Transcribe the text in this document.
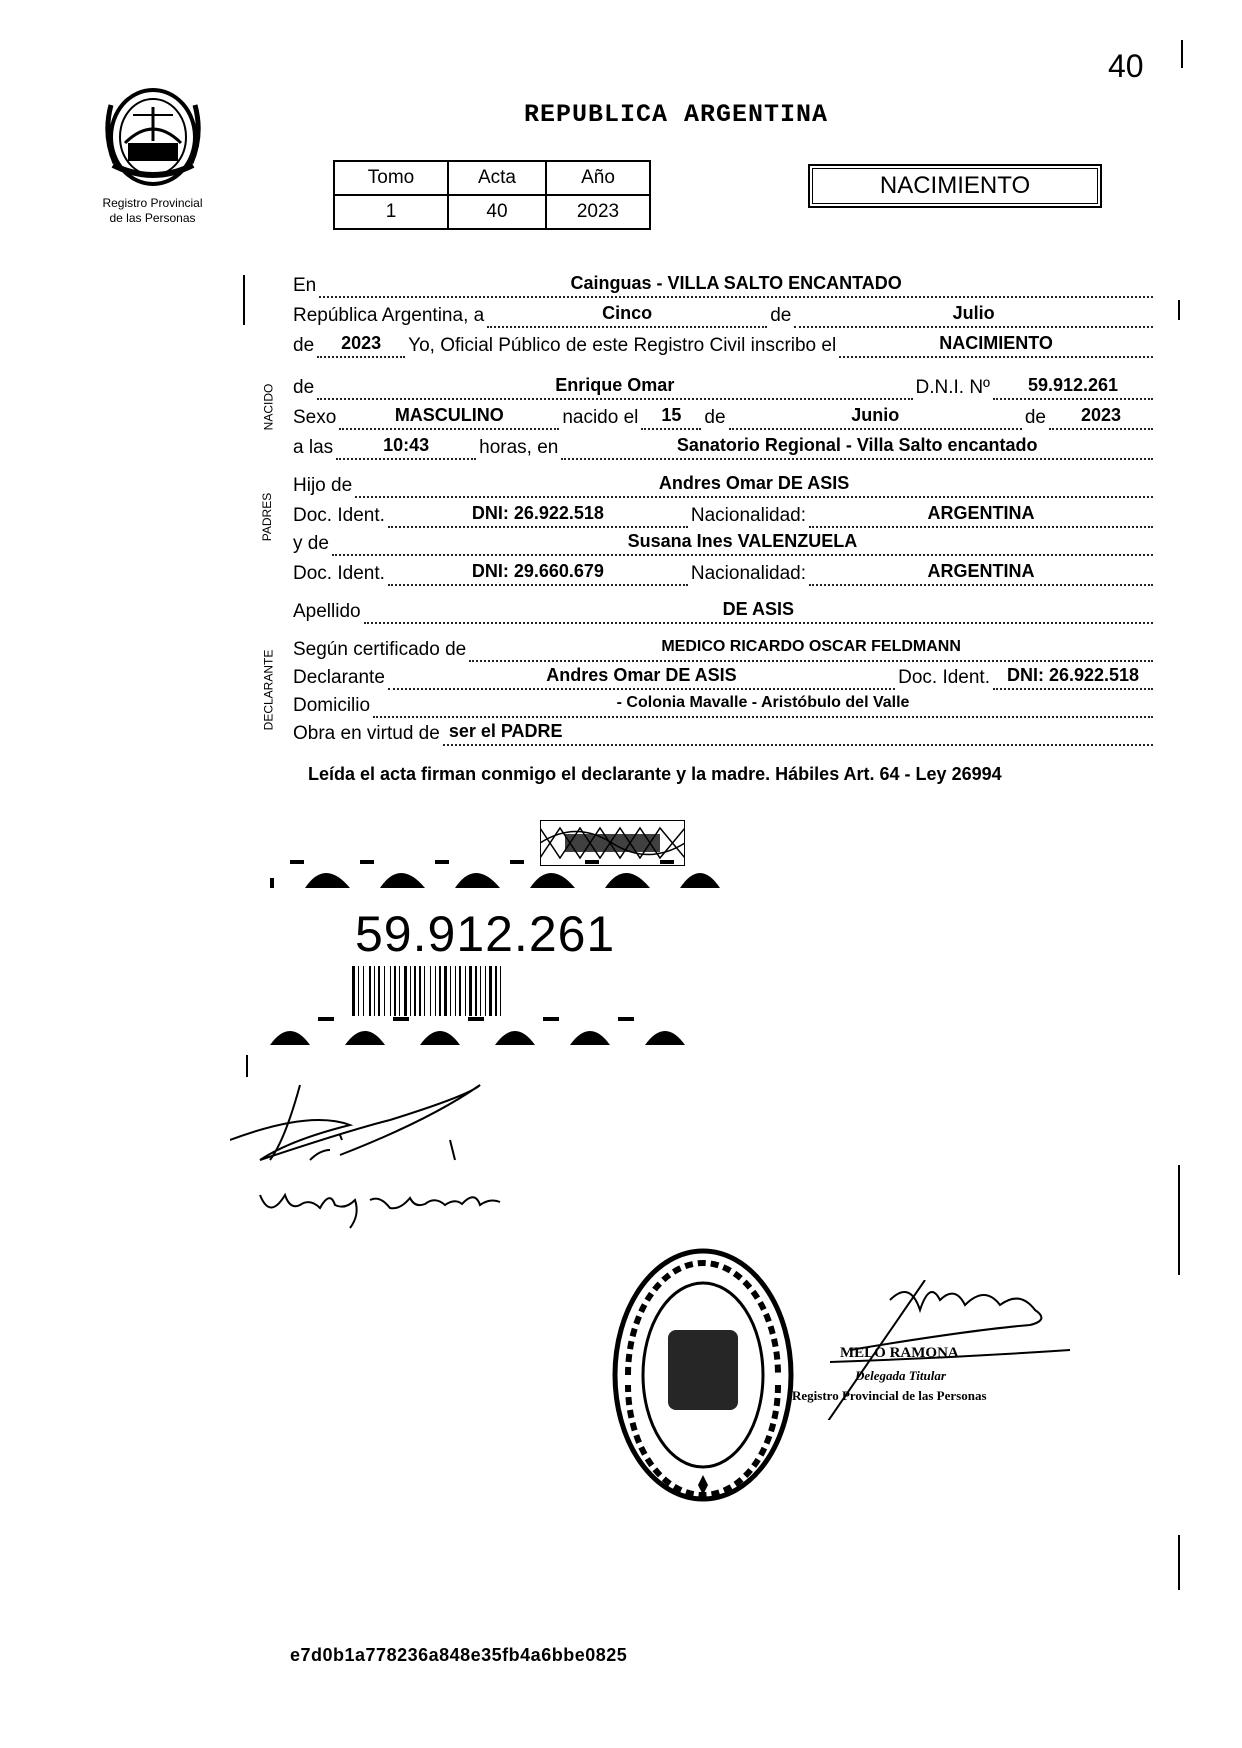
40
Registro Provincial
de las Personas
REPUBLICA ARGENTINA
Tomo	Acta	Año
1	40	2023
NACIMIENTO
NACIDO
PADRES
DECLARANTE
En	Cainguas - VILLA SALTO ENCANTADO
República Argentina, a	Cinco	de	Julio
de	2023	Yo, Oficial Público de este Registro Civil inscribo el	NACIMIENTO
de	Enrique Omar	D.N.I. Nº	59.912.261
Sexo	MASCULINO	nacido el	15	de	Junio	de	2023
a las	10:43	horas, en	Sanatorio Regional - Villa Salto encantado
Hijo de	Andres Omar DE ASIS
Doc. Ident.	DNI: 26.922.518	Nacionalidad:	ARGENTINA
y de	Susana Ines VALENZUELA
Doc. Ident.	DNI: 29.660.679	Nacionalidad:	ARGENTINA
Apellido	DE ASIS
Según certificado de	MEDICO RICARDO OSCAR FELDMANN
Declarante	Andres Omar DE ASIS	Doc. Ident. DNI: 26.922.518
Domicilio	- Colonia Mavalle - Aristóbulo del Valle
Obra en virtud de ser el PADRE
Leída el acta firman conmigo el declarante y la madre. Hábiles Art. 64 - Ley 26994
59.912.261
MELO RAMONA
Delegada Titular
Registro Provincial de las Personas
e7d0b1a778236a848e35fb4a6bbe0825
